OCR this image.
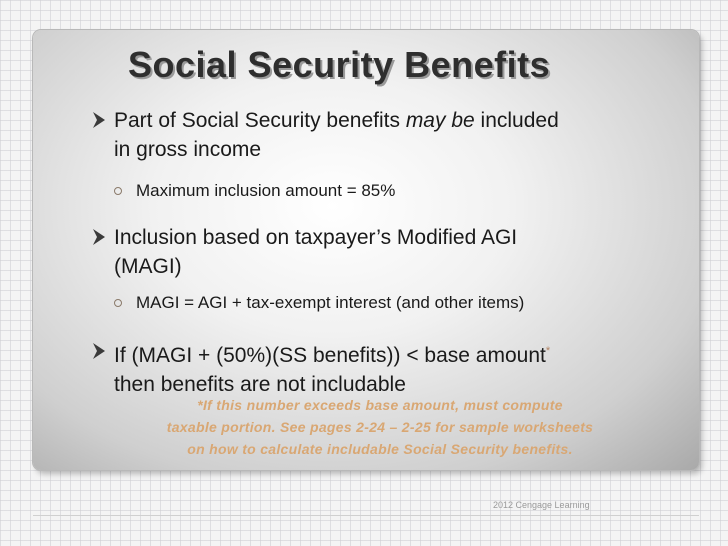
Social Security Benefits
Part of Social Security benefits may be included
in gross income
Maximum inclusion amount = 85%
Inclusion based on taxpayer’s Modified AGI
(MAGI)
MAGI = AGI + tax-exempt interest (and other items)
If (MAGI + (50%)(SS benefits)) < base amount*
then benefits are not includable
*If this number exceeds base amount, must compute
taxable portion. See pages 2-24 – 2-25 for sample worksheets
on how to calculate includable Social Security benefits.
2012 Cengage Learning
